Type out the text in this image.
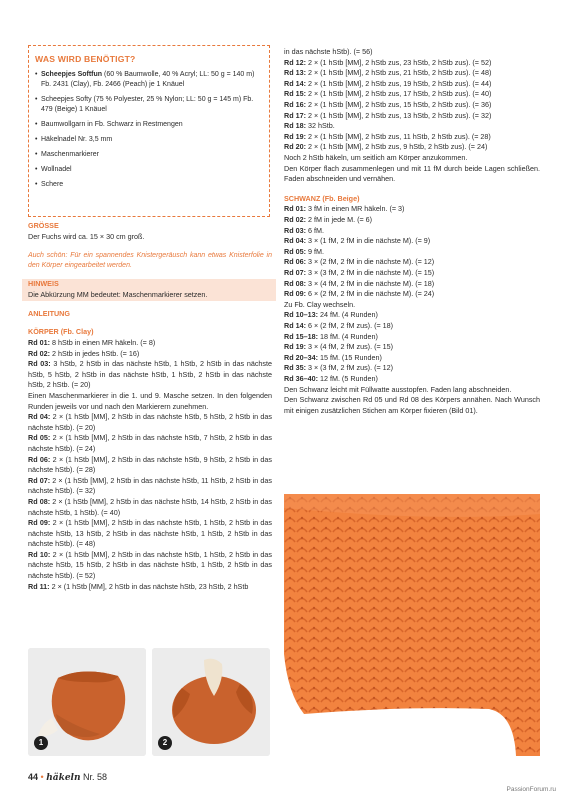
WAS WIRD BENÖTIGT?
• Scheepjes Softfun (60 % Baumwolle, 40 % Acryl; LL: 50 g = 140 m) Fb. 2431 (Clay), Fb. 2466 (Peach) je 1 Knäuel
• Scheepjes Softy (75 % Polyester, 25 % Nylon; LL: 50 g = 145 m) Fb. 479 (Beige) 1 Knäuel
• Baumwollgarn in Fb. Schwarz in Restmengen
• Häkelnadel Nr. 3,5 mm
• Maschenmarkierer
• Wollnadel
• Schere
GRÖSSE
Der Fuchs wird ca. 15 × 30 cm groß.
Auch schön: Für ein spannendes Knistergeräusch kann etwas Knisterfolie in den Körper eingearbeitet werden.
HINWEIS
Die Abkürzung MM bedeutet: Maschenmarkierer setzen.
ANLEITUNG
KÖRPER (Fb. Clay)

Rd 01: 8 hStb in einen MR häkeln. (= 8)

Rd 02: 2 hStb in jedes hStb. (= 16)

Rd 03: 3 hStb, 2 hStb in das nächste hStb, 1 hStb, 2 hStb in das nächste hStb, 5 hStb, 2 hStb in das nächste hStb, 1 hStb, 2 hStb in das nächste hStb, 2 hStb. (= 20)

Einen Maschenmarkierer in die 1. und 9. Masche setzen. In den folgenden Runden jeweils vor und nach den Markierern zunehmen.

Rd 04: 2 × (1 hStb [MM], 2 hStb in das nächste hStb, 5 hStb, 2 hStb in das nächste hStb). (= 20)

Rd 05: 2 × (1 hStb [MM], 2 hStb in das nächste hStb, 7 hStb, 2 hStb in das nächste hStb). (= 24)

Rd 06: 2 × (1 hStb [MM], 2 hStb in das nächste hStb, 9 hStb, 2 hStb in das nächste hStb). (= 28)

Rd 07: 2 × (1 hStb [MM], 2 hStb in das nächste hStb, 11 hStb, 2 hStb in das nächste hStb). (= 32)

Rd 08: 2 × (1 hStb [MM], 2 hStb in das nächste hStb, 14 hStb, 2 hStb in das nächste hStb, 1 hStb). (= 40)

Rd 09: 2 × (1 hStb [MM], 2 hStb in das nächste hStb, 1 hStb, 2 hStb in das nächste hStb, 13 hStb, 2 hStb in das nächste hStb, 1 hStb, 2 hStb in das nächste hStb). (= 48)

Rd 10: 2 × (1 hStb [MM], 2 hStb in das nächste hStb, 1 hStb, 2 hStb in das nächste hStb, 15 hStb, 2 hStb in das nächste hStb, 1 hStb, 2 hStb in das nächste hStb). (= 52)

Rd 11: 2 × (1 hStb [MM], 2 hStb in das nächste hStb, 23 hStb, 2 hStb

in das nächste hStb). (= 56)

Rd 12: 2 × (1 hStb [MM], 2 hStb zus, 23 hStb, 2 hStb zus). (= 52)

Rd 13: 2 × (1 hStb [MM], 2 hStb zus, 21 hStb, 2 hStb zus). (= 48)

Rd 14: 2 × (1 hStb [MM], 2 hStb zus, 19 hStb, 2 hStb zus). (= 44)

Rd 15: 2 × (1 hStb [MM], 2 hStb zus, 17 hStb, 2 hStb zus). (= 40)

Rd 16: 2 × (1 hStb [MM], 2 hStb zus, 15 hStb, 2 hStb zus). (= 36)

Rd 17: 2 × (1 hStb [MM], 2 hStb zus, 13 hStb, 2 hStb zus). (= 32)

Rd 18: 32 hStb.

Rd 19: 2 × (1 hStb [MM], 2 hStb zus, 11 hStb, 2 hStb zus). (= 28)

Rd 20: 2 × (1 hStb [MM], 2 hStb zus, 9 hStb, 2 hStb zus). (= 24)

Noch 2 hStb häkeln, um seitlich am Körper anzukommen.

Den Körper flach zusammenlegen und mit 11 fM durch beide Lagen schließen. Faden abschneiden und vernähen.

SCHWANZ (Fb. Beige)

Rd 01: 3 fM in einen MR häkeln. (= 3)

Rd 02: 2 fM in jede M. (= 6)

Rd 03: 6 fM.

Rd 04: 3 × (1 fM, 2 fM in die nächste M). (= 9)

Rd 05: 9 fM.

Rd 06: 3 × (2 fM, 2 fM in die nächste M). (= 12)

Rd 07: 3 × (3 fM, 2 fM in die nächste M). (= 15)

Rd 08: 3 × (4 fM, 2 fM in die nächste M). (= 18)

Rd 09: 6 × (2 fM, 2 fM in die nächste M). (= 24)

Zu Fb. Clay wechseln.

Rd 10–13: 24 fM. (4 Runden)

Rd 14: 6 × (2 fM, 2 fM zus). (= 18)

Rd 15–18: 18 fM. (4 Runden)

Rd 19: 3 × (4 fM, 2 fM zus). (= 15)

Rd 20–34: 15 fM. (15 Runden)

Rd 35: 3 × (3 fM, 2 fM zus). (= 12)

Rd 36–40: 12 fM. (5 Runden)

Den Schwanz leicht mit Füllwatte ausstopfen. Faden lang abschneiden.

Den Schwanz zwischen Rd 05 und Rd 08 des Körpers annähen. Nach Wunsch mit einigen zusätzlichen Stichen am Körper fixieren (Bild 01).

1	2
44 • häkeln Nr. 58
PassionForum.ru
